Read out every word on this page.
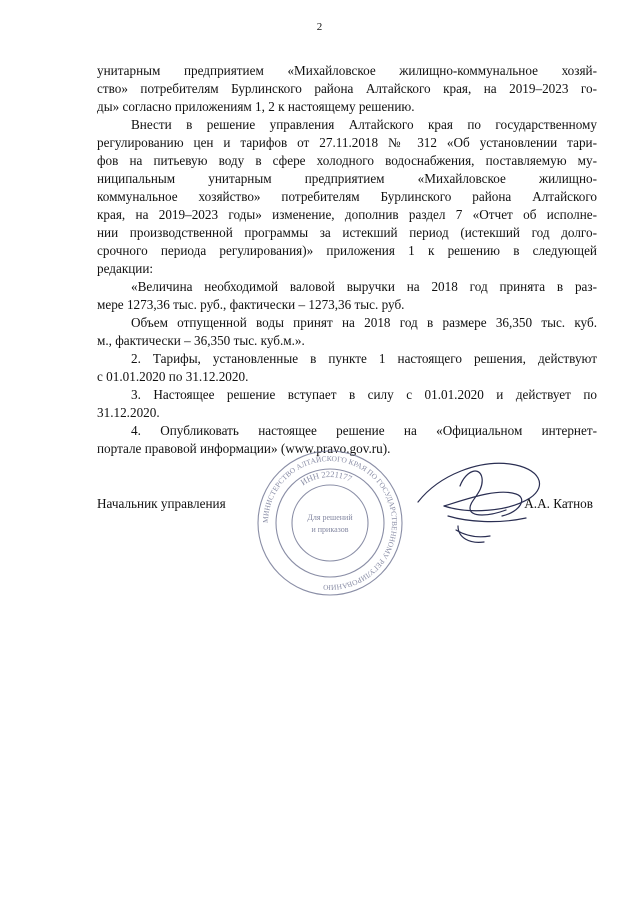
2
унитарным предприятием «Михайловское жилищно-коммунальное хозяй-
ство» потребителям Бурлинского района Алтайского края, на 2019–2023 го-
ды» согласно приложениям 1, 2 к настоящему решению.
Внести в решение управления Алтайского края по государственному
регулированию цен и тарифов от 27.11.2018 № 312 «Об установлении тари-
фов на питьевую воду в сфере холодного водоснабжения, поставляемую му-
ниципальным унитарным предприятием «Михайловское жилищно-
коммунальное хозяйство» потребителям Бурлинского района Алтайского
края, на 2019–2023 годы» изменение, дополнив раздел 7 «Отчет об исполне-
нии производственной программы за истекший период (истекший год долго-
срочного периода регулирования)» приложения 1 к решению в следующей
редакции:
«Величина необходимой валовой выручки на 2018 год принята в раз-
мере 1273,36 тыс. руб., фактически – 1273,36 тыс. руб.
Объем отпущенной воды принят на 2018 год в размере 36,350 тыс. куб.
м., фактически – 36,350 тыс. куб.м.».
2. Тарифы, установленные в пункте 1 настоящего решения, действуют
с 01.01.2020 по 31.12.2020.
3. Настоящее решение вступает в силу с 01.01.2020 и действует по
31.12.2020.
4. Опубликовать настоящее решение на «Официальном интернет-
портале правовой информации» (www.pravo.gov.ru).
Начальник управления	А.А. Катнов
МИНИСТЕРСТВО АЛТАЙСКОГО КРАЯ ПО ГОСУДАРСТВЕННОМУ РЕГУЛИРОВАНИЮ
ИНН 2221177
Для решений
и приказов
